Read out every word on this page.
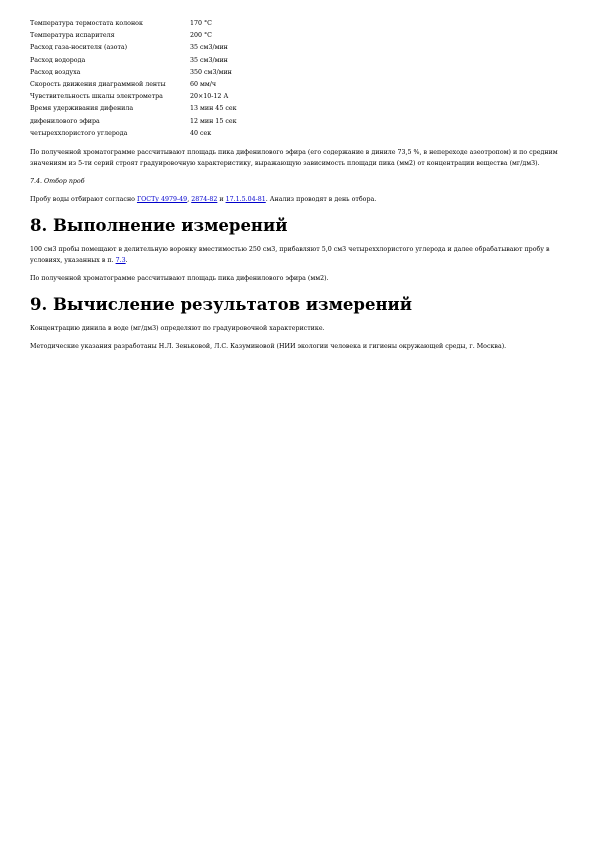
Температура термостата колонок	170 °С
Температура испарителя	200 °С
Расход газа-носителя (азота)	35 см3/мин
Расход водорода	35 см3/мин
Расход воздуха	350 см3/мин
Скорость движения диаграммной ленты	60 мм/ч
Чувствительность шкалы электрометра	20×10-12 А
Время удерживания дифенила	13 мин 45 сек
дифенилового эфира	12 мин 15 сек
четыреххлористого углерода	40 сек

По полученной хроматограмме рассчитывают площадь пика дифенилового эфира (его содержание в динилe 73,5 %, в непереходе азеотропом) и по средним значениям из 5-ти серий строят градуировочную характеристику, выражающую зависимость площади пика (мм2) от концентрации вещества (мг/дм3).

7.4. Отбор проб

Пробу воды отбирают согласно ГОСТу 4979-49, 2874-82 и 17.1.5.04-81. Анализ проводят в день отбора.

8. Выполнение измерений

100 см3 пробы помещают в делительную воронку вместимостью 250 см3, прибавляют 5,0 см3 четыреххлористого углерода и далее обрабатывают пробу в условиях, указанных в п. 7.3.

По полученной хроматограмме рассчитывают площадь пика дифенилового эфира (мм2).

9. Вычисление результатов измерений

Концентрацию динила в воде (мг/дм3) определяют по градуировочной характеристике.

Методические указания разработаны Н.Л. Зеньковой, Л.С. Казуминовой (НИИ экологии человека и гигиены окружающей среды, г. Москва).
